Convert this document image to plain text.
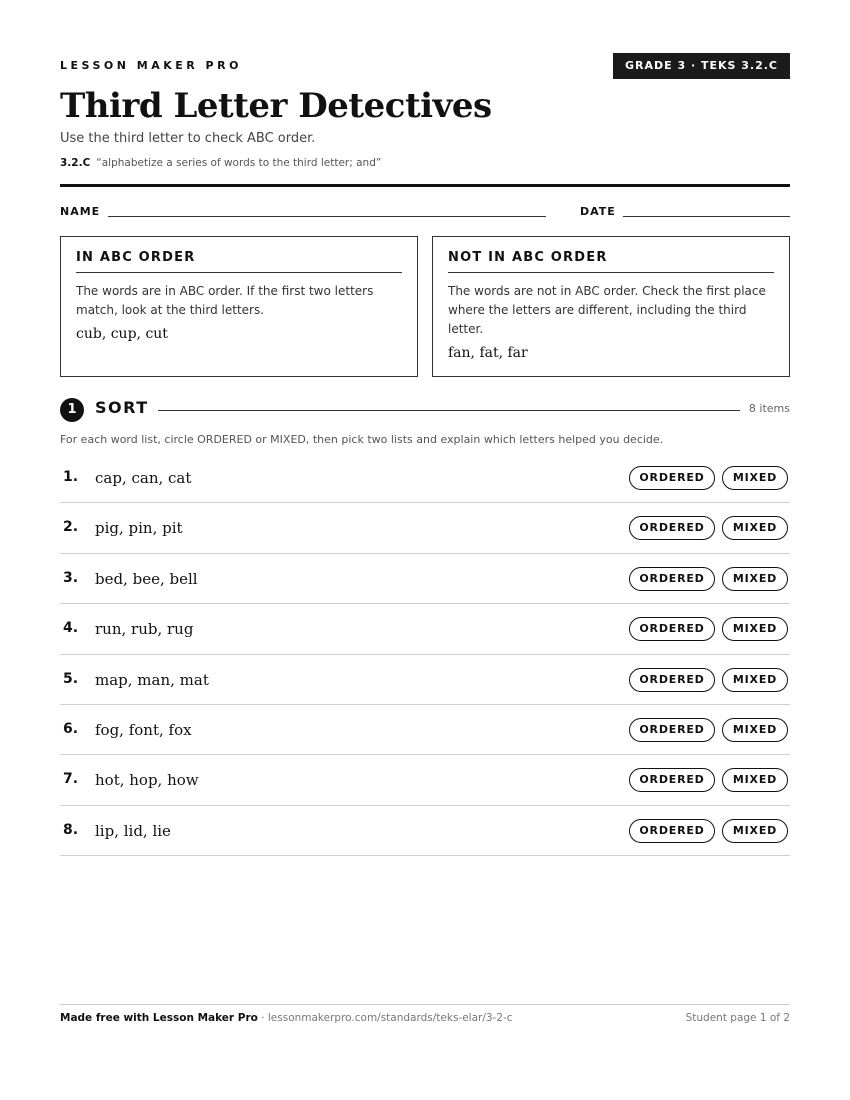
LESSON MAKER PRO	GRADE 3 · TEKS 3.2.C
Third Letter Detectives
Use the third letter to check ABC order.
3.2.C “alphabetize a series of words to the third letter; and”
NAME	DATE
IN ABC ORDER

The words are in ABC order. If the first two letters match, look at the third letters.

cub, cup, cut

NOT IN ABC ORDER

The words are not in ABC order. Check the first place where the letters are different, including the third letter.

fan, fat, far

1	SORT	8 items
For each word list, circle ORDERED or MIXED, then pick two lists and explain which letters helped you decide.
1. cap, can, cat	ORDERED	MIXED
2. pig, pin, pit	ORDERED	MIXED
3. bed, bee, bell	ORDERED	MIXED
4. run, rub, rug	ORDERED	MIXED
5. map, man, mat	ORDERED	MIXED
6. fog, font, fox	ORDERED	MIXED
7. hot, hop, how	ORDERED	MIXED
8. lip, lid, lie	ORDERED	MIXED
Made free with Lesson Maker Pro · lessonmakerpro.com/standards/teks-elar/3-2-c	Student page 1 of 2
